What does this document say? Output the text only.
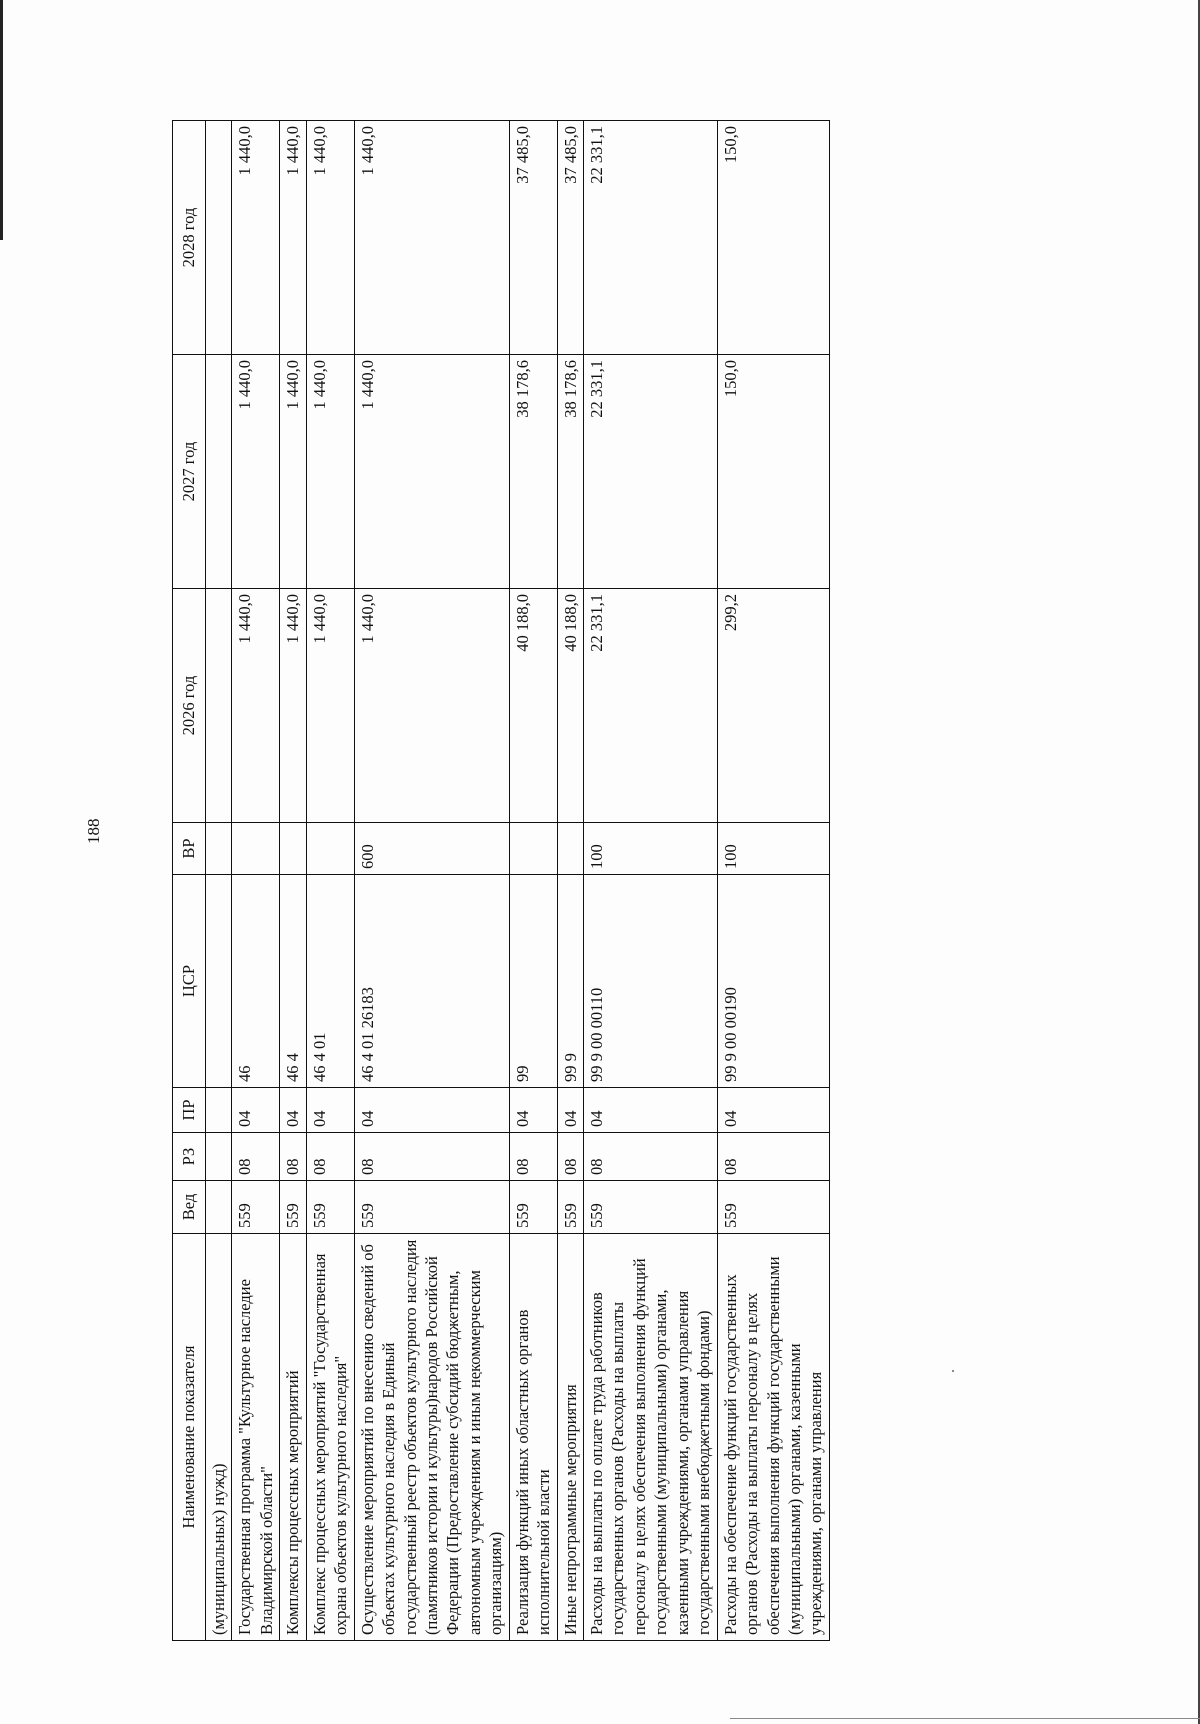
188
Наименование показателя	Вед	РЗ	ПР	ЦСР	ВР	2026 год	2027 год	2028 год
(муниципальных) нужд)								
Государственная программа "Культурное наследие Владимирской области"	559	08	04	46		1 440,0	1 440,0	1 440,0
Комплексы процессных мероприятий	559	08	04	46 4		1 440,0	1 440,0	1 440,0
Комплекс процессных мероприятий "Государственная охрана объектов культурного наследия"	559	08	04	46 4 01		1 440,0	1 440,0	1 440,0
Осуществление мероприятий по внесению сведений об объектах культурного наследия в Единый государственный реестр объектов культурного наследия (памятников истории и культуры)народов Российской Федерации (Предоставление субсидий бюджетным, автономным учреждениям и иным некоммерческим организациям)	559	08	04	46 4 01 26183	600	1 440,0	1 440,0	1 440,0
Реализация функций иных областных органов исполнительной власти	559	08	04	99		40 188,0	38 178,6	37 485,0
Иные непрограммные мероприятия	559	08	04	99 9		40 188,0	38 178,6	37 485,0
Расходы на выплаты по оплате труда работников государственных органов (Расходы на выплаты персоналу в целях обеспечения выполнения функций государственными (муниципальными) органами, казенными учреждениями, органами управления государственными внебюджетными фондами)	559	08	04	99 9 00 00110	100	22 331,1	22 331,1	22 331,1
Расходы на обеспечение функций государственных органов (Расходы на выплаты персоналу в целях обеспечения выполнения функций государственными (муниципальными) органами, казенными учреждениями, органами управления	559	08	04	99 9 00 00190	100	299,2	150,0	150,0
